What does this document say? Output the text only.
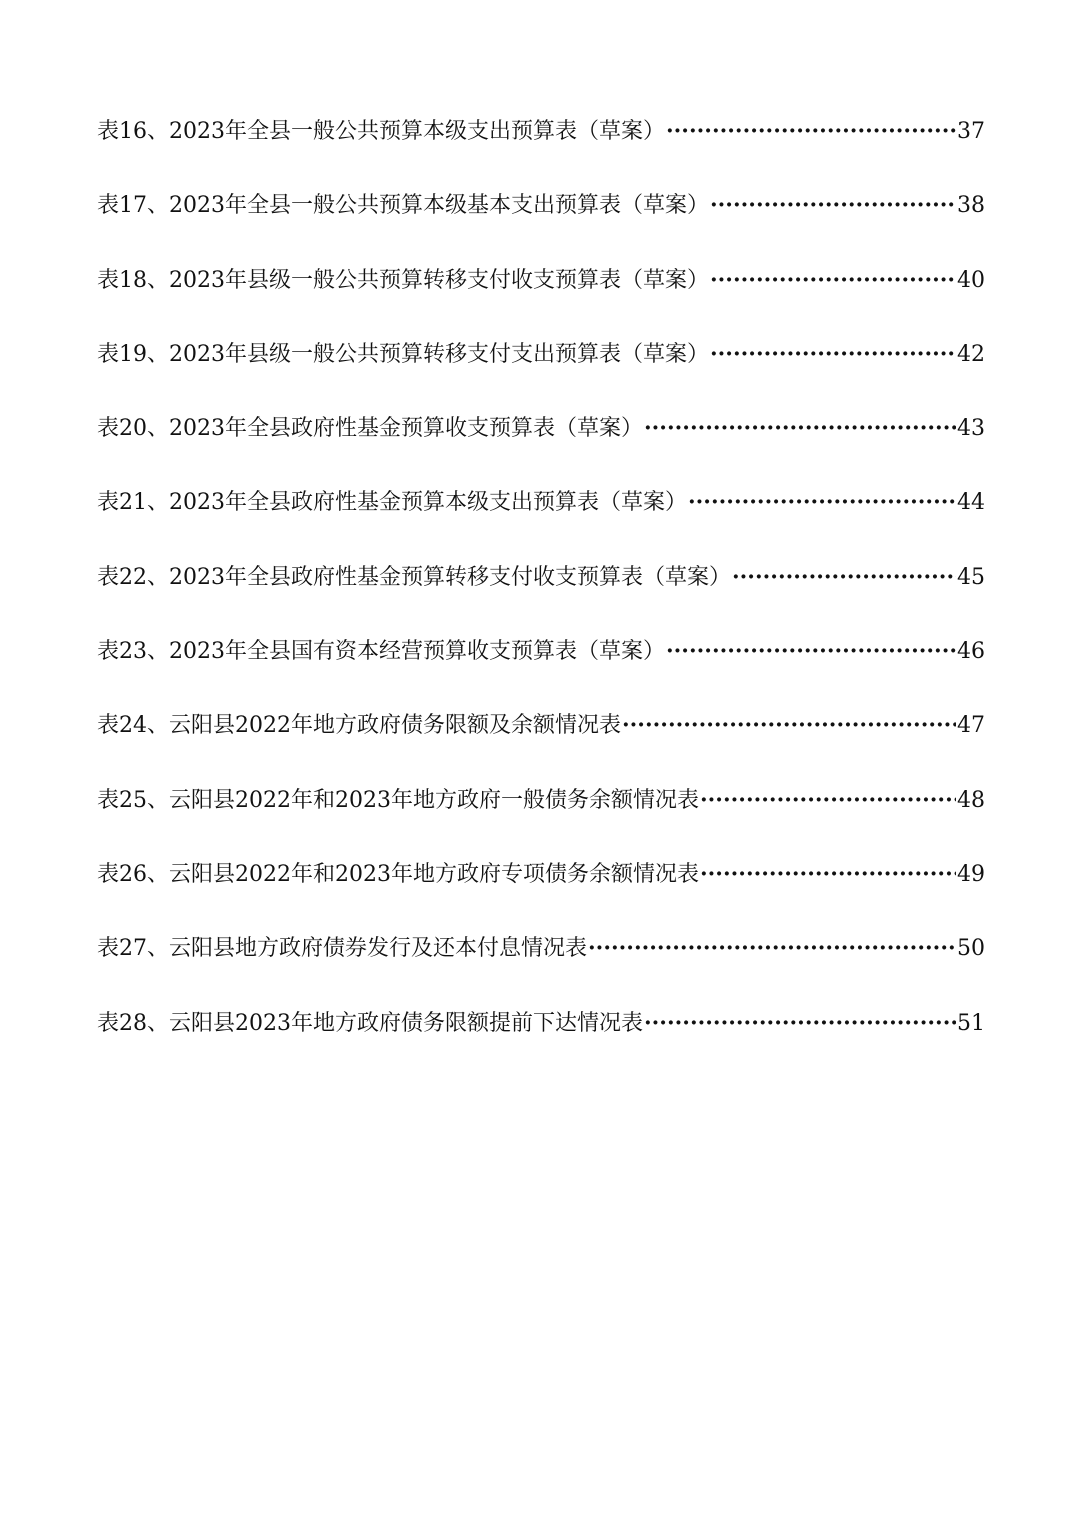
表16、2023年全县一般公共预算本级支出预算表（草案） ·····	37
表17、2023年全县一般公共预算本级基本支出预算表（草案） ·····	38
表18、2023年县级一般公共预算转移支付收支预算表（草案） ·····	40
表19、2023年县级一般公共预算转移支付支出预算表（草案） ·····	42
表20、2023年全县政府性基金预算收支预算表（草案） ·····	43
表21、2023年全县政府性基金预算本级支出预算表（草案） ·····	44
表22、2023年全县政府性基金预算转移支付收支预算表（草案） ·····	45
表23、2023年全县国有资本经营预算收支预算表（草案） ·····	46
表24、云阳县2022年地方政府债务限额及余额情况表 ·····	47
表25、云阳县2022年和2023年地方政府一般债务余额情况表 ·····	48
表26、云阳县2022年和2023年地方政府专项债务余额情况表 ·····	49
表27、云阳县地方政府债券发行及还本付息情况表 ·····	50
表28、云阳县2023年地方政府债务限额提前下达情况表 ·····	51
